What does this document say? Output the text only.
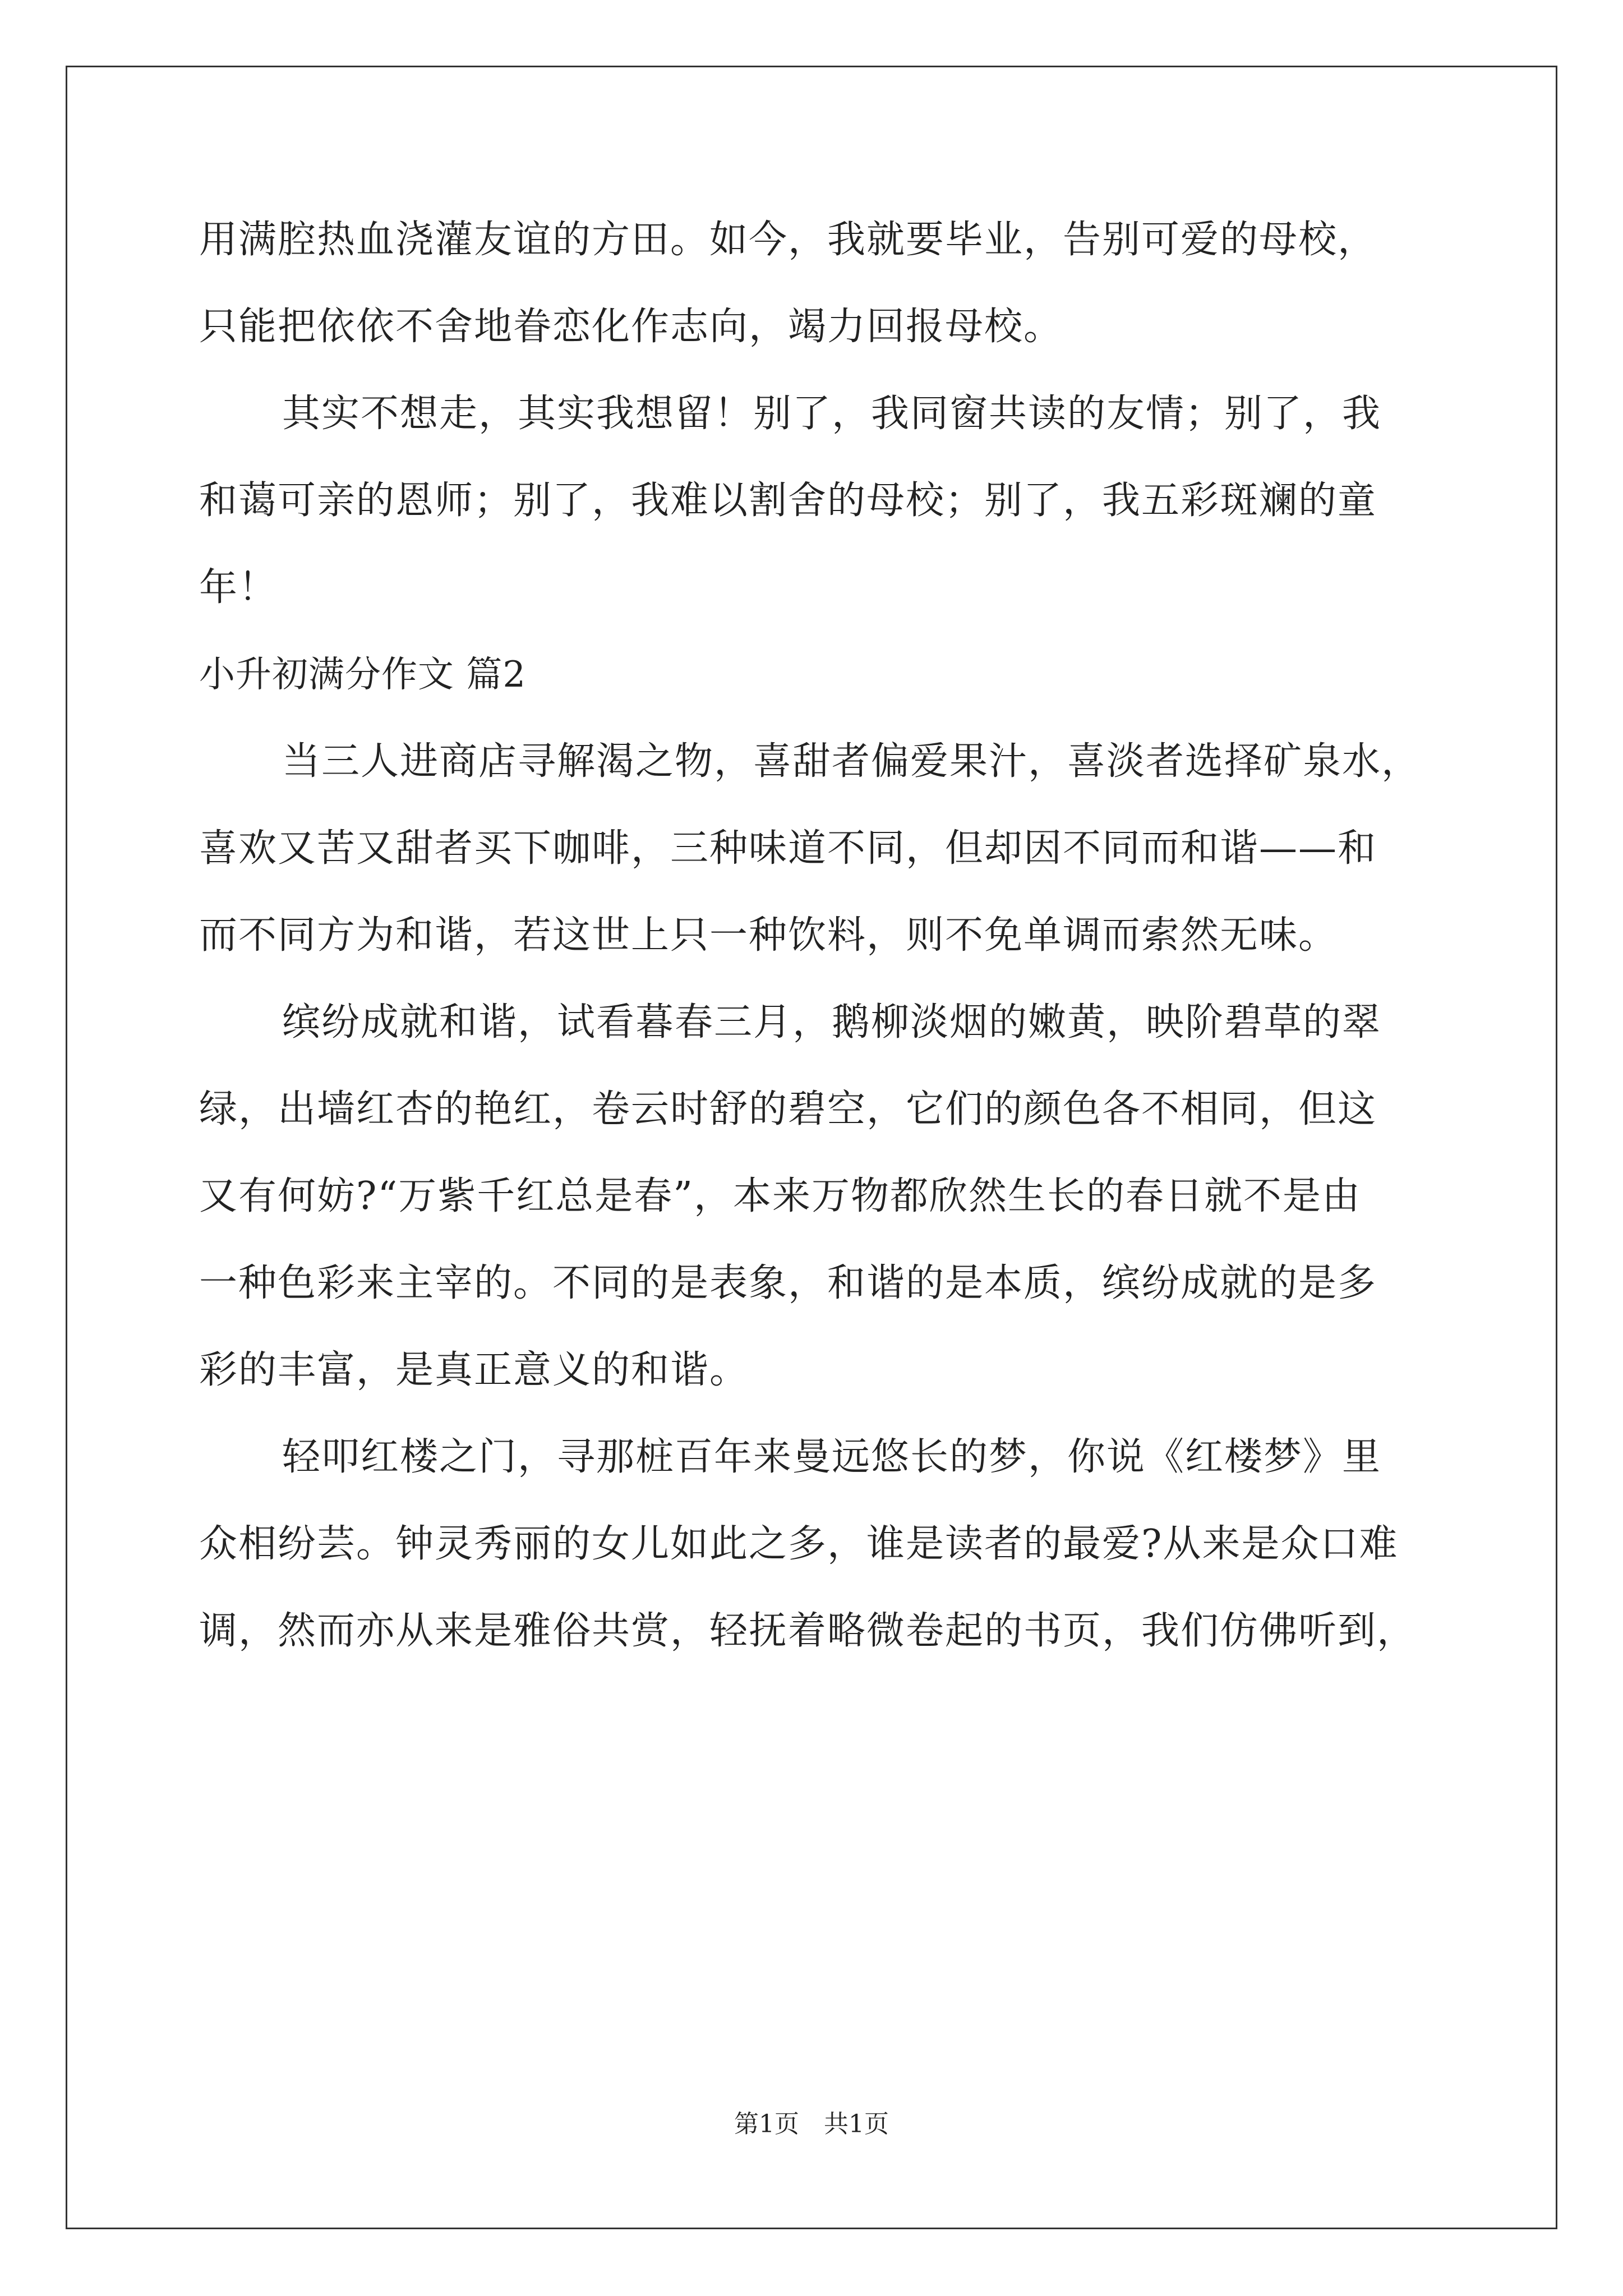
用满腔热血浇灌友谊的方田。如今，我就要毕业，告别可爱的母校，
只能把依依不舍地眷恋化作志向，竭力回报母校。
其实不想走，其实我想留！别了，我同窗共读的友情；别了，我
和蔼可亲的恩师；别了，我难以割舍的母校；别了，我五彩斑斓的童
年！
小升初满分作文 篇2
当三人进商店寻解渴之物，喜甜者偏爱果汁，喜淡者选择矿泉水，
喜欢又苦又甜者买下咖啡，三种味道不同，但却因不同而和谐——和
而不同方为和谐，若这世上只一种饮料，则不免单调而索然无味。
缤纷成就和谐，试看暮春三月，鹅柳淡烟的嫩黄，映阶碧草的翠
绿，出墙红杏的艳红，卷云时舒的碧空，它们的颜色各不相同，但这
又有何妨?“万紫千红总是春”，本来万物都欣然生长的春日就不是由
一种色彩来主宰的。不同的是表象，和谐的是本质，缤纷成就的是多
彩的丰富，是真正意义的和谐。
轻叩红楼之门，寻那桩百年来曼远悠长的梦，你说《红楼梦》里
众相纷芸。钟灵秀丽的女儿如此之多，谁是读者的最爱?从来是众口难
调，然而亦从来是雅俗共赏，轻抚着略微卷起的书页，我们仿佛听到，
第1页　共1页
